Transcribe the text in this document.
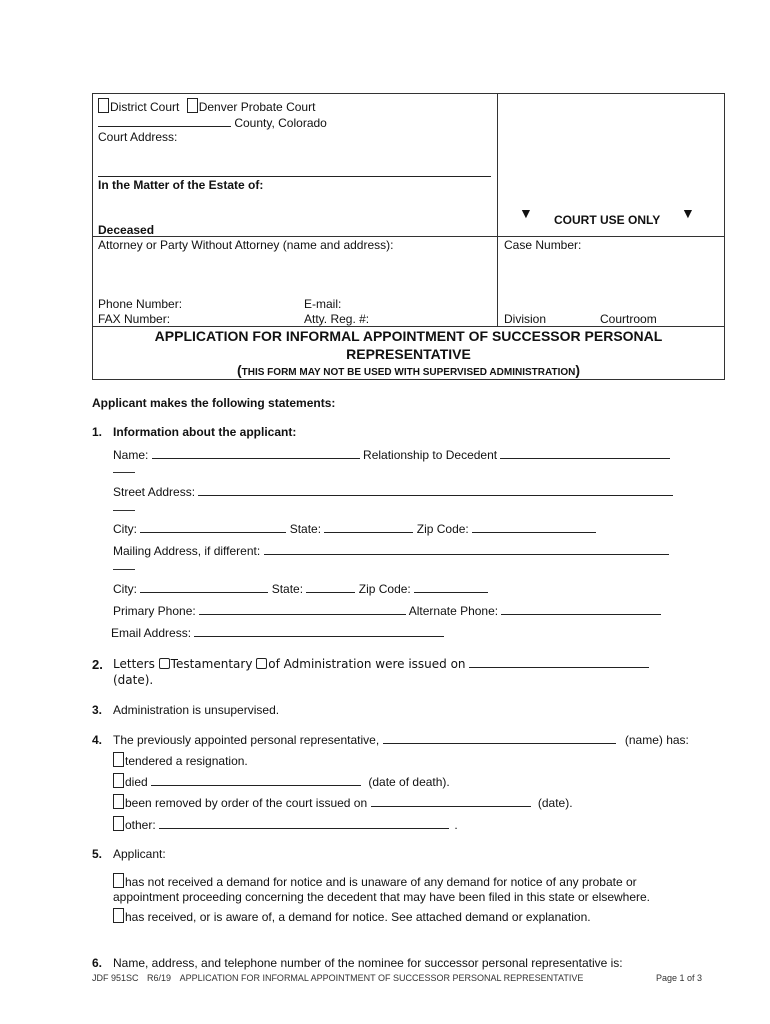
District Court Denver Probate Court
County, Colorado
Court Address:
In the Matter of the Estate of:
Deceased
▼ COURT USE ONLY ▼
Attorney or Party Without Attorney (name and address):	Case Number:
Phone Number:	E-mail:
FAX Number:	Atty. Reg. #:	Division	Courtroom
APPLICATION FOR INFORMAL APPOINTMENT OF SUCCESSOR PERSONAL
REPRESENTATIVE
(THIS FORM MAY NOT BE USED WITH SUPERVISED ADMINISTRATION)
Applicant makes the following statements:
1. Information about the applicant:
Name:	Relationship to Decedent
Street Address:
City:	State:	Zip Code:
Mailing Address, if different:
City:	State:	Zip Code:
Primary Phone:	Alternate Phone:
Email Address:
2. Letters Testamentary of Administration were issued on
(date).
3. Administration is unsupervised.
4. The previously appointed personal representative,	(name) has:
tendered a resignation.
died	(date of death).
been removed by order of the court issued on	(date).
other:	.
5. Applicant:
has not received a demand for notice and is unaware of any demand for notice of any probate or
appointment proceeding concerning the decedent that may have been filed in this state or elsewhere.
has received, or is aware of, a demand for notice. See attached demand or explanation.
6. Name, address, and telephone number of the nominee for successor personal representative is:
JDF 951SC R6/19 APPLICATION FOR INFORMAL APPOINTMENT OF SUCCESSOR PERSONAL REPRESENTATIVE	Page 1 of 3
